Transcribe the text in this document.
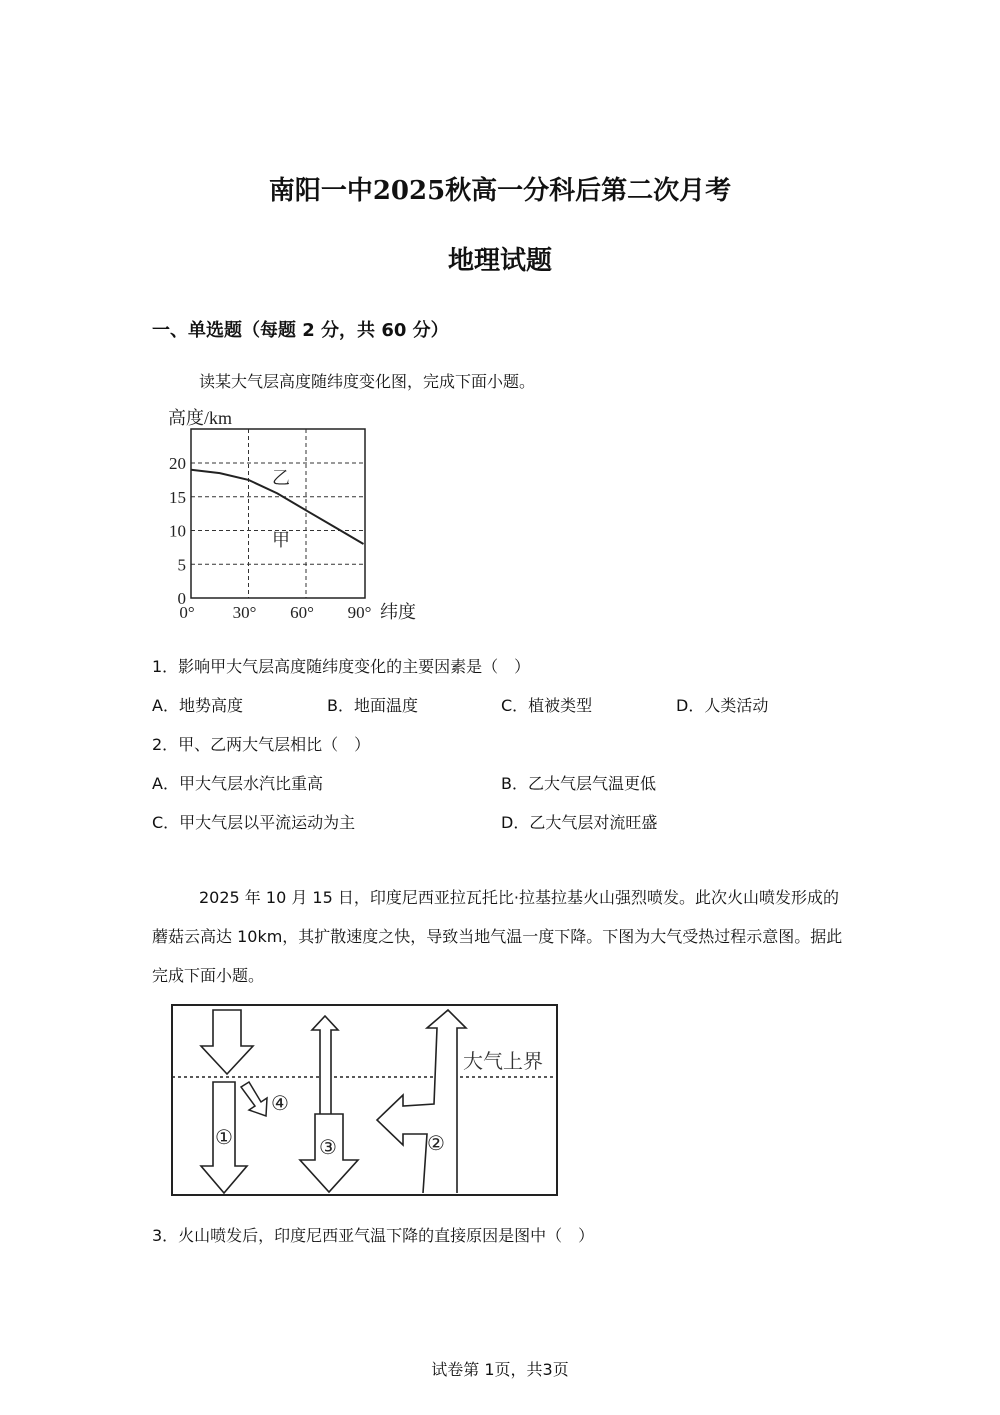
南阳一中2025秋高一分科后第二次月考
地理试题
一、单选题（每题 2 分，共 60 分）
读某大气层高度随纬度变化图，完成下面小题。
高度/km
0
5
10
15
20
0° 30° 60° 90° 纬度
乙
甲
1．影响甲大气层高度随纬度变化的主要因素是（　）
A．地势高度	B．地面温度	C．植被类型	D．人类活动
2．甲、乙两大气层相比（　）
A．甲大气层水汽比重高	B．乙大气层气温更低
C．甲大气层以平流运动为主	D．乙大气层对流旺盛
2025 年 10 月 15 日，印度尼西亚拉瓦托比·拉基拉基火山强烈喷发。此次火山喷发形成的蘑菇云高达 10km，其扩散速度之快，导致当地气温一度下降。下图为大气受热过程示意图。据此完成下面小题。
大气上界
①
④
③	②
3．火山喷发后，印度尼西亚气温下降的直接原因是图中（　）
试卷第 1页，共3页
